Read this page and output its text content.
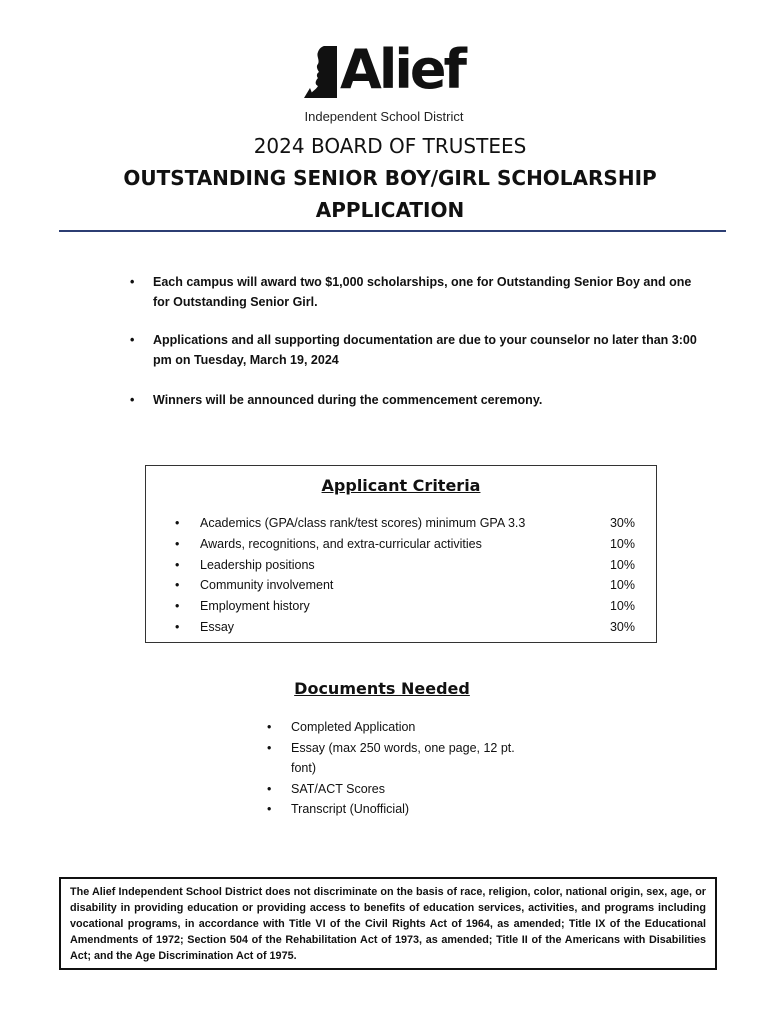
Alief
Independent School District
2024 BOARD OF TRUSTEES
OUTSTANDING SENIOR BOY/GIRL SCHOLARSHIP
APPLICATION
•	Each campus will award two $1,000 scholarships, one for Outstanding Senior Boy and one for Outstanding Senior Girl.
•	Applications and all supporting documentation are due to your counselor no later than 3:00 pm on Tuesday, March 19, 2024
•	Winners will be announced during the commencement ceremony.
Applicant Criteria
•	Academics (GPA/class rank/test scores) minimum GPA 3.3	30%
•	Awards, recognitions, and extra-curricular activities	10%
•	Leadership positions	10%
•	Community involvement	10%
•	Employment history	10%
•	Essay	30%
Documents Needed
•	Completed Application
•	Essay (max 250 words, one page, 12 pt. font)
•	SAT/ACT Scores
•	Transcript (Unofficial)
The Alief Independent School District does not discriminate on the basis of race, religion, color, national origin, sex, age, or disability in providing education or providing access to benefits of education services, activities, and programs including vocational programs, in accordance with Title VI of the Civil Rights Act of 1964, as amended; Title IX of the Educational Amendments of 1972; Section 504 of the Rehabilitation Act of 1973, as amended; Title II of the Americans with Disabilities Act; and the Age Discrimination Act of 1975.
